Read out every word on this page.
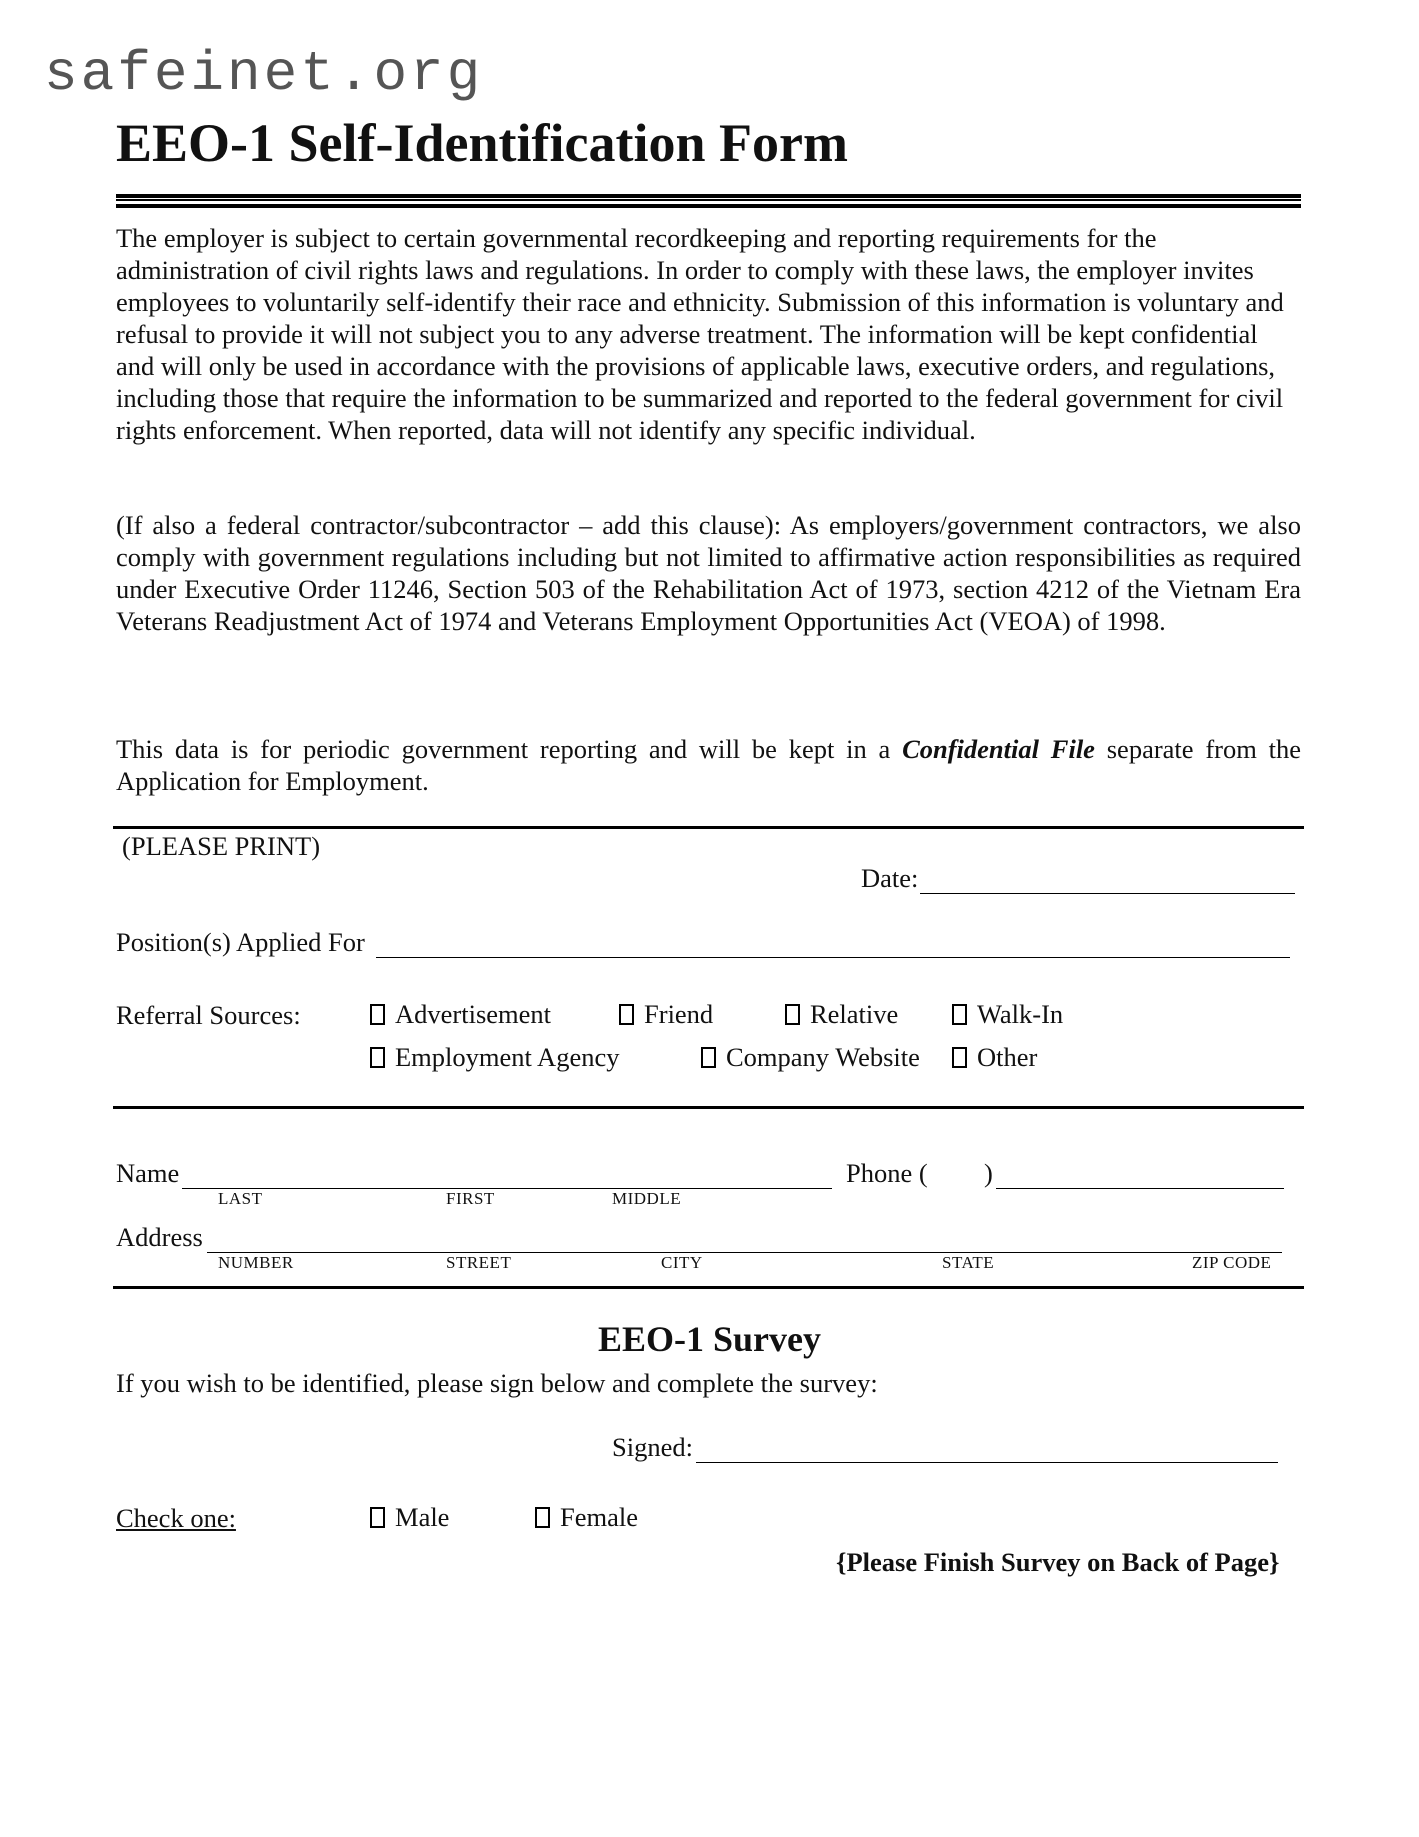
safeinet.org
EEO-1 Self-Identification Form
The employer is subject to certain governmental recordkeeping and reporting requirements for the administration of civil rights laws and regulations. In order to comply with these laws, the employer invites employees to voluntarily self-identify their race and ethnicity. Submission of this information is voluntary and refusal to provide it will not subject you to any adverse treatment. The information will be kept confidential and will only be used in accordance with the provisions of applicable laws, executive orders, and regulations, including those that require the information to be summarized and reported to the federal government for civil rights enforcement. When reported, data will not identify any specific individual.
(If also a federal contractor/subcontractor – add this clause): As employers/government contractors, we also comply with government regulations including but not limited to affirmative action responsibilities as required under Executive Order 11246, Section 503 of the Rehabilitation Act of 1973, section 4212 of the Vietnam Era Veterans Readjustment Act of 1974 and Veterans Employment Opportunities Act (VEOA) of 1998.
This data is for periodic government reporting and will be kept in a Confidential File separate from the Application for Employment.
(PLEASE PRINT)
Date:
Position(s) Applied For
Referral Sources:	Advertisement	Friend	Relative	Walk-In
Employment Agency	Company Website	Other
Name
LAST	FIRST	MIDDLE
Phone ( )
Address
NUMBER	STREET	CITY	STATE	ZIP CODE
EEO-1 Survey
If you wish to be identified, please sign below and complete the survey:
Signed:
Check one:	Male	Female
{Please Finish Survey on Back of Page}
